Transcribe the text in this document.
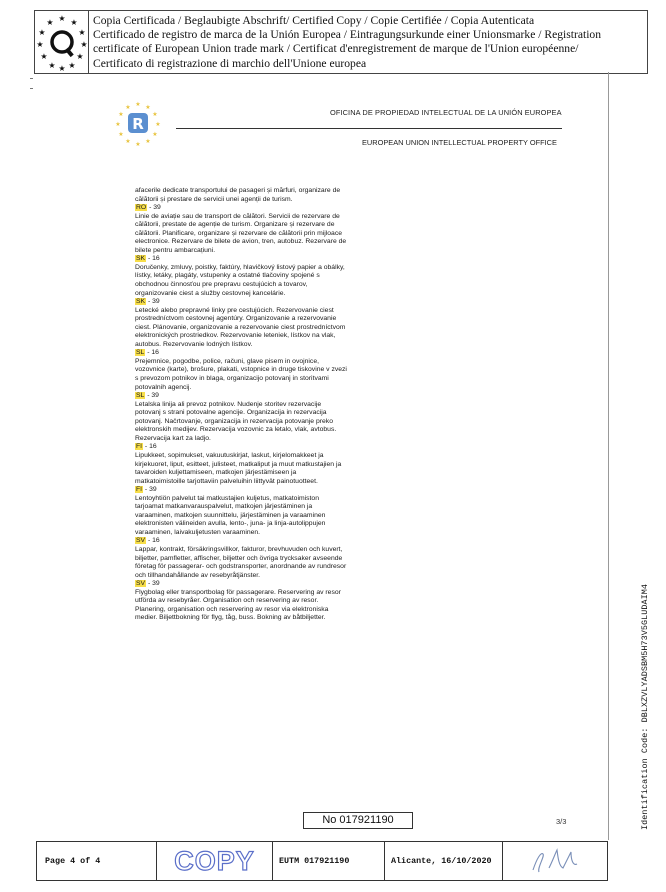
★
★ ★
★	★
★	★
★	★
★ ★
★
Copia Certificada / Beglaubigte Abschrift/ Certified Copy / Copie Certifiée / Copia Autenticata
Certificado de registro de marca de la Unión Europea / Eintragungsurkunde einer Unionsmarke / Registration
certificate of European Union trade mark / Certificat d'enregistrement de marque de l'Union européenne/
Certificato di registrazione di marchio dell'Unione europea
★ ★
★
★
★
★
★
★
★
★
★
★
R
OFICINA DE PROPIEDAD INTELECTUAL DE LA UNIÓN EUROPEA
EUROPEAN UNION INTELLECTUAL PROPERTY OFFICE

afacerile dedicate transportului de pasageri și mărfuri, organizare de călătorii și prestare de servicii unei agenții de turism.

RO - 39

Linie de aviație sau de transport de călători. Servicii de rezervare de călătorii, prestate de agenție de turism. Organizare și rezervare de călătorii. Planificare, organizare și rezervare de călătorii prin mijloace electronice. Rezervare de bilete de avion, tren, autobuz. Rezervare de bilete pentru ambarcațiuni.

SK - 16

Doručenky, zmluvy, poistky, faktúry, hlavičkový listový papier a obálky, lístky, letáky, plagáty, vstupenky a ostatné tlačoviny spojené s obchodnou činnosťou pre prepravu cestujúcich a tovarov, organizovanie ciest a služby cestovnej kancelárie.

SK - 39

Letecké alebo prepravné linky pre cestujúcich. Rezervovanie ciest prostredníctvom cestovnej agentúry. Organizovanie a rezervovanie ciest. Plánovanie, organizovanie a rezervovanie ciest prostredníctvom elektronických prostriedkov. Rezervovanie leteniek, lístkov na vlak, autobus. Rezervovanie lodných lístkov.

SL - 16

Prejemnice, pogodbe, police, računi, glave pisem in ovojnice, vozovnice (karte), brošure, plakati, vstopnice in druge tiskovine v zvezi s prevozom potnikov in blaga, organizacijo potovanj in storitvami potovalnih agencij.

SL - 39

Letalska linija ali prevoz potnikov. Nudenje storitev rezervacije potovanj s strani potovalne agencije. Organizacija in rezervacija potovanj. Načrtovanje, organizacija in rezervacija potovanje preko elektronskih medijev. Rezervacija vozovnic za letalo, vlak, avtobus. Rezervacija kart za ladjo.

FI - 16

Lipukkeet, sopimukset, vakuutuskirjat, laskut, kirjelomakkeet ja kirjekuoret, liput, esitteet, julisteet, matkaliput ja muut matkustajien ja tavaroiden kuljettamiseen, matkojen järjestämiseen ja matkatoimistoille tarjottaviin palveluihin liittyvät painotuotteet.

FI - 39

Lentoyhtiön palvelut tai matkustajien kuljetus, matkatoimiston tarjoamat matkanvarauspalvelut, matkojen järjestäminen ja varaaminen, matkojen suunnittelu, järjestäminen ja varaaminen elektronisten välineiden avulla, lento-, juna- ja linja-autolippujen varaaminen, laivakuljetusten varaaminen.

SV - 16

Lappar, kontrakt, försäkringsvillkor, fakturor, brevhuvuden och kuvert, biljetter, pamfletter, affischer, biljetter och övriga trycksaker avseende företag för passagerar- och godstransporter, anordnande av rundresor och tillhandahållande av resebyråtjänster.

SV - 39

Flygbolag eller transportbolag för passagerare. Reservering av resor utförda av resebyråer. Organisation och reservering av resor. Planering, organisation och reservering av resor via elektroniska medier. Biljettbokning för flyg, tåg, buss. Bokning av båtbiljetter.

No 017921190	3/3	Identification Code: DBLXZVLYADSBM5H73V5GLUDAIM4
Page 4 of 4	COPY	EUTM 017921190	Alicante, 16/10/2020
